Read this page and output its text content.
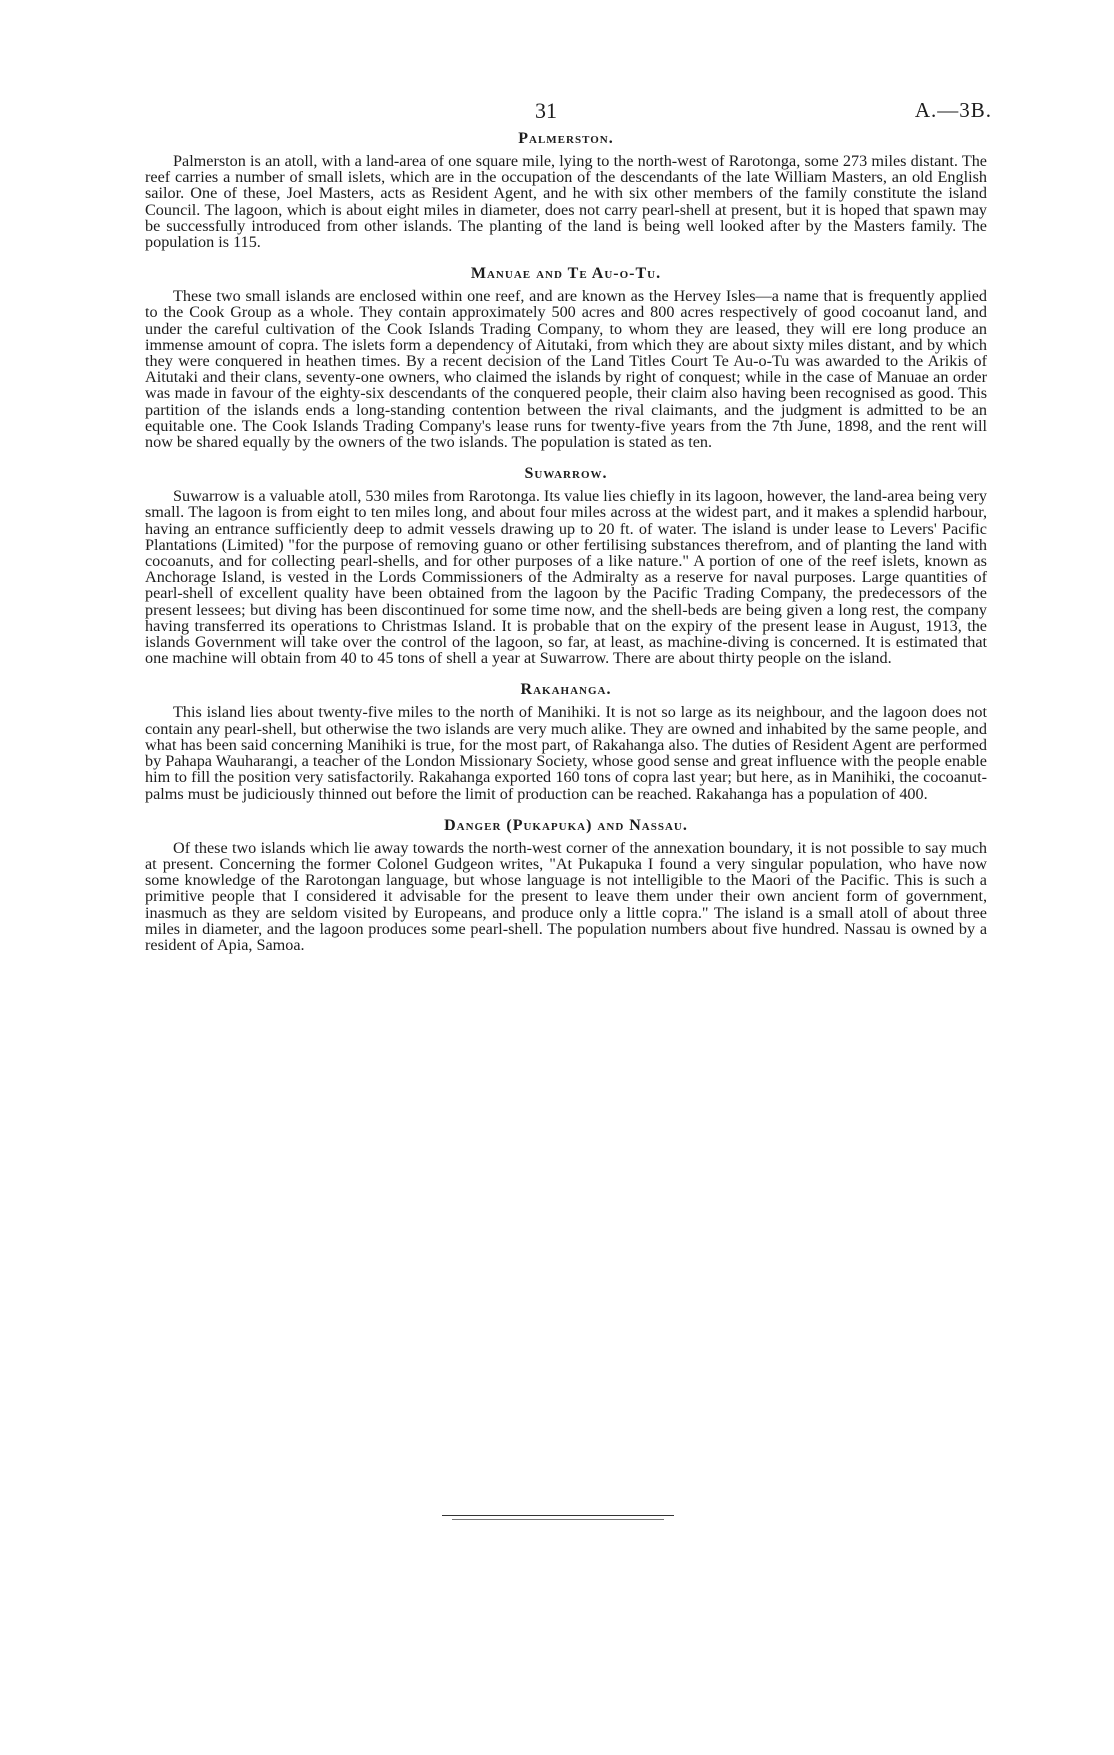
31	A.—3B.
Palmerston.

Palmerston is an atoll, with a land-area of one square mile, lying to the north-west of Rarotonga, some 273 miles distant. The reef carries a number of small islets, which are in the occupation of the descendants of the late William Masters, an old English sailor. One of these, Joel Masters, acts as Resident Agent, and he with six other members of the family constitute the island Council. The lagoon, which is about eight miles in diameter, does not carry pearl-shell at present, but it is hoped that spawn may be successfully introduced from other islands. The planting of the land is being well looked after by the Masters family. The population is 115.

Manuae and Te Au-o-Tu.

These two small islands are enclosed within one reef, and are known as the Hervey Isles—a name that is frequently applied to the Cook Group as a whole. They contain approximately 500 acres and 800 acres respectively of good cocoanut land, and under the careful cultivation of the Cook Islands Trading Company, to whom they are leased, they will ere long produce an immense amount of copra. The islets form a dependency of Aitutaki, from which they are about sixty miles distant, and by which they were conquered in heathen times. By a recent decision of the Land Titles Court Te Au-o-Tu was awarded to the Arikis of Aitutaki and their clans, seventy-one owners, who claimed the islands by right of conquest; while in the case of Manuae an order was made in favour of the eighty-six descendants of the conquered people, their claim also having been recognised as good. This partition of the islands ends a long-standing contention between the rival claimants, and the judgment is admitted to be an equitable one. The Cook Islands Trading Company's lease runs for twenty-five years from the 7th June, 1898, and the rent will now be shared equally by the owners of the two islands. The population is stated as ten.

Suwarrow.

Suwarrow is a valuable atoll, 530 miles from Rarotonga. Its value lies chiefly in its lagoon, however, the land-area being very small. The lagoon is from eight to ten miles long, and about four miles across at the widest part, and it makes a splendid harbour, having an entrance sufficiently deep to admit vessels drawing up to 20 ft. of water. The island is under lease to Levers' Pacific Plantations (Limited) "for the purpose of removing guano or other fertilising substances therefrom, and of planting the land with cocoanuts, and for collecting pearl-shells, and for other purposes of a like nature." A portion of one of the reef islets, known as Anchorage Island, is vested in the Lords Commissioners of the Admiralty as a reserve for naval purposes. Large quantities of pearl-shell of excellent quality have been obtained from the lagoon by the Pacific Trading Company, the predecessors of the present lessees; but diving has been discontinued for some time now, and the shell-beds are being given a long rest, the company having transferred its operations to Christmas Island. It is probable that on the expiry of the present lease in August, 1913, the islands Government will take over the control of the lagoon, so far, at least, as machine-diving is concerned. It is estimated that one machine will obtain from 40 to 45 tons of shell a year at Suwarrow. There are about thirty people on the island.

Rakahanga.

This island lies about twenty-five miles to the north of Manihiki. It is not so large as its neighbour, and the lagoon does not contain any pearl-shell, but otherwise the two islands are very much alike. They are owned and inhabited by the same people, and what has been said concerning Manihiki is true, for the most part, of Rakahanga also. The duties of Resident Agent are performed by Pahapa Wauharangi, a teacher of the London Missionary Society, whose good sense and great influence with the people enable him to fill the position very satisfactorily. Rakahanga exported 160 tons of copra last year; but here, as in Manihiki, the cocoanut-palms must be judiciously thinned out before the limit of production can be reached. Rakahanga has a population of 400.

Danger (Pukapuka) and Nassau.

Of these two islands which lie away towards the north-west corner of the annexation boundary, it is not possible to say much at present. Concerning the former Colonel Gudgeon writes, "At Pukapuka I found a very singular population, who have now some knowledge of the Rarotongan language, but whose language is not intelligible to the Maori of the Pacific. This is such a primitive people that I considered it advisable for the present to leave them under their own ancient form of government, inasmuch as they are seldom visited by Europeans, and produce only a little copra." The island is a small atoll of about three miles in diameter, and the lagoon produces some pearl-shell. The population numbers about five hundred. Nassau is owned by a resident of Apia, Samoa.
